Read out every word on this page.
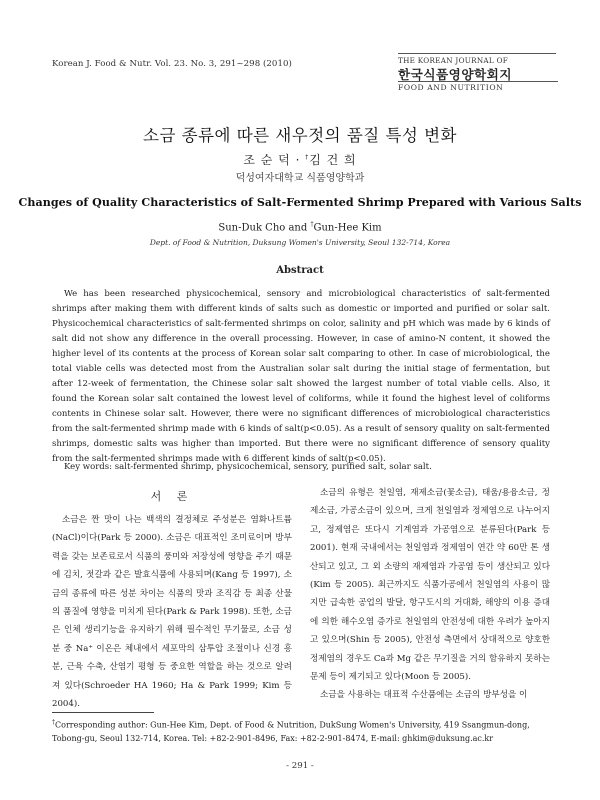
Korean J. Food & Nutr. Vol. 23. No. 3, 291~298 (2010)	THE KOREAN JOURNAL OF
한국식품영양학회지
FOOD AND NUTRITION
소금 종류에 따른 새우젓의 품질 특성 변화
조 순 덕 · †김 건 희
덕성여자대학교 식품영양학과
Changes of Quality Characteristics of Salt-Fermented Shrimp Prepared with Various Salts
Sun-Duk Cho and †Gun-Hee Kim
Dept. of Food & Nutrition, Duksung Women's University, Seoul 132-714, Korea
Abstract
We has been researched physicochemical, sensory and microbiological characteristics of salt-fermented shrimps after making them with different kinds of salts such as domestic or imported and purified or solar salt. Physicochemical characteristics of salt-fermented shrimps on color, salinity and pH which was made by 6 kinds of salt did not show any difference in the overall processing. However, in case of amino-N content, it showed the higher level of its contents at the process of Korean solar salt comparing to other. In case of microbiological, the total viable cells was detected most from the Australian solar salt during the initial stage of fermentation, but after 12-week of fermentation, the Chinese solar salt showed the largest number of total viable cells. Also, it found the Korean solar salt contained the lowest level of coliforms, while it found the highest level of coliforms contents in Chinese solar salt. However, there were no significant differences of microbiological characteristics from the salt-fermented shrimp made with 6 kinds of salt(p<0.05). As a result of sensory quality on salt-fermented shrimps, domestic salts was higher than imported. But there were no significant difference of sensory quality from the salt-fermented shrimps made with 6 different kinds of salt(p<0.05).
Key words: salt-fermented shrimp, physicochemical, sensory, purified salt, solar salt.
서 론
소금은 짠 맛이 나는 백색의 결정체로 주성분은 염화나트륨(NaCl)이다(Park 등 2000). 소금은 대표적인 조미료이며 방부력을 갖는 보존료로서 식품의 풍미와 저장성에 영향을 주기 때문에 김치, 젓갈과 같은 발효식품에 사용되며(Kang 등 1997), 소금의 종류에 따른 성분 차이는 식품의 맛과 조직감 등 최종 산물의 품질에 영향을 미치게 된다(Park & Park 1998). 또한, 소금은 인체 생리기능을 유지하기 위해 필수적인 무기물로, 소금 성분 중 Na⁺ 이온은 체내에서 세포막의 삼투압 조절이나 신경 흥분, 근육 수축, 산염기 평형 등 중요한 역할을 하는 것으로 알려져 있다(Schroeder HA 1960; Ha & Park 1999; Kim 등 2004).

소금의 유형은 천일염, 재제소금(꽃소금), 태움/용융소금, 정제소금, 가공소금이 있으며, 크게 천일염과 정제염으로 나누어지고, 정제염은 또다시 기계염과 가공염으로 분류된다(Park 등 2001). 현재 국내에서는 천일염과 정제염이 연간 약 60만 톤 생산되고 있고, 그 외 소량의 재제염과 가공염 등이 생산되고 있다(Kim 등 2005). 최근까지도 식품가공에서 천일염의 사용이 많지만 급속한 공업의 발달, 항구도시의 거대화, 해양의 이용 증대에 의한 해수오염 증가로 천일염의 안전성에 대한 우려가 높아지고 있으며(Shin 등 2005), 안전성 측면에서 상대적으로 양호한 정제염의 경우도 Ca과 Mg 같은 무기질을 거의 함유하지 못하는 문제 등이 제기되고 있다(Moon 등 2005).

소금을 사용하는 대표적 수산품에는 소금의 방부성을 이

†Corresponding author: Gun-Hee Kim, Dept. of Food & Nutrition, DukSung Women's University, 419 Ssangmun-dong, Tobong-gu, Seoul 132-714, Korea. Tel: +82-2-901-8496, Fax: +82-2-901-8474, E-mail: ghkim@duksung.ac.kr
- 291 -
